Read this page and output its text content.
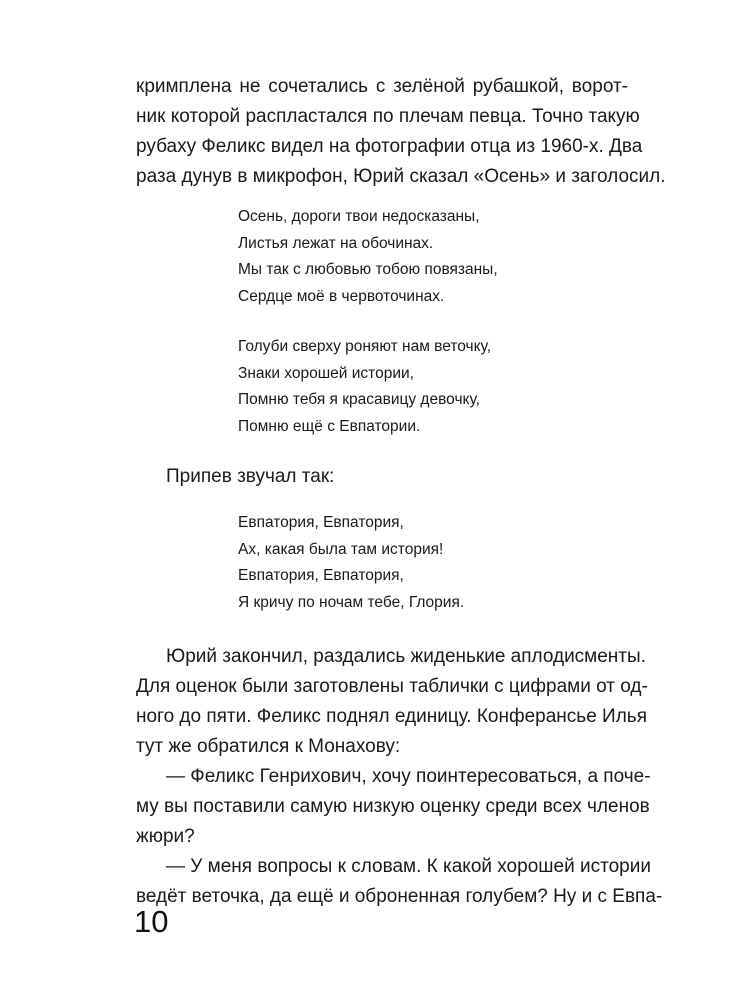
кримплена не сочетались с зелёной рубашкой, ворот-
ник которой распластался по плечам певца. Точно такую
рубаху Феликс видел на фотографии отца из 1960-х. Два
раза дунув в микрофон, Юрий сказал «Осень» и заголосил.
Осень, дороги твои недосказаны,
Листья лежат на обочинах.
Мы так с любовью тобою повязаны,
Сердце моё в червоточинах.
Голуби сверху роняют нам веточку,
Знаки хорошей истории,
Помню тебя я красавицу девочку,
Помню ещё с Евпатории.
Припев звучал так:
Евпатория, Евпатория,
Ах, какая была там история!
Евпатория, Евпатория,
Я кричу по ночам тебе, Глория.
Юрий закончил, раздались жиденькие аплодисменты.
Для оценок были заготовлены таблички с цифрами от од-
ного до пяти. Феликс поднял единицу. Конферансье Илья
тут же обратился к Монахову:
— Феликс Генрихович, хочу поинтересоваться, а поче-
му вы поставили самую низкую оценку среди всех членов
жюри?
— У меня вопросы к словам. К какой хорошей истории
ведёт веточка, да ещё и оброненная голубем? Ну и с Евпа-
10
